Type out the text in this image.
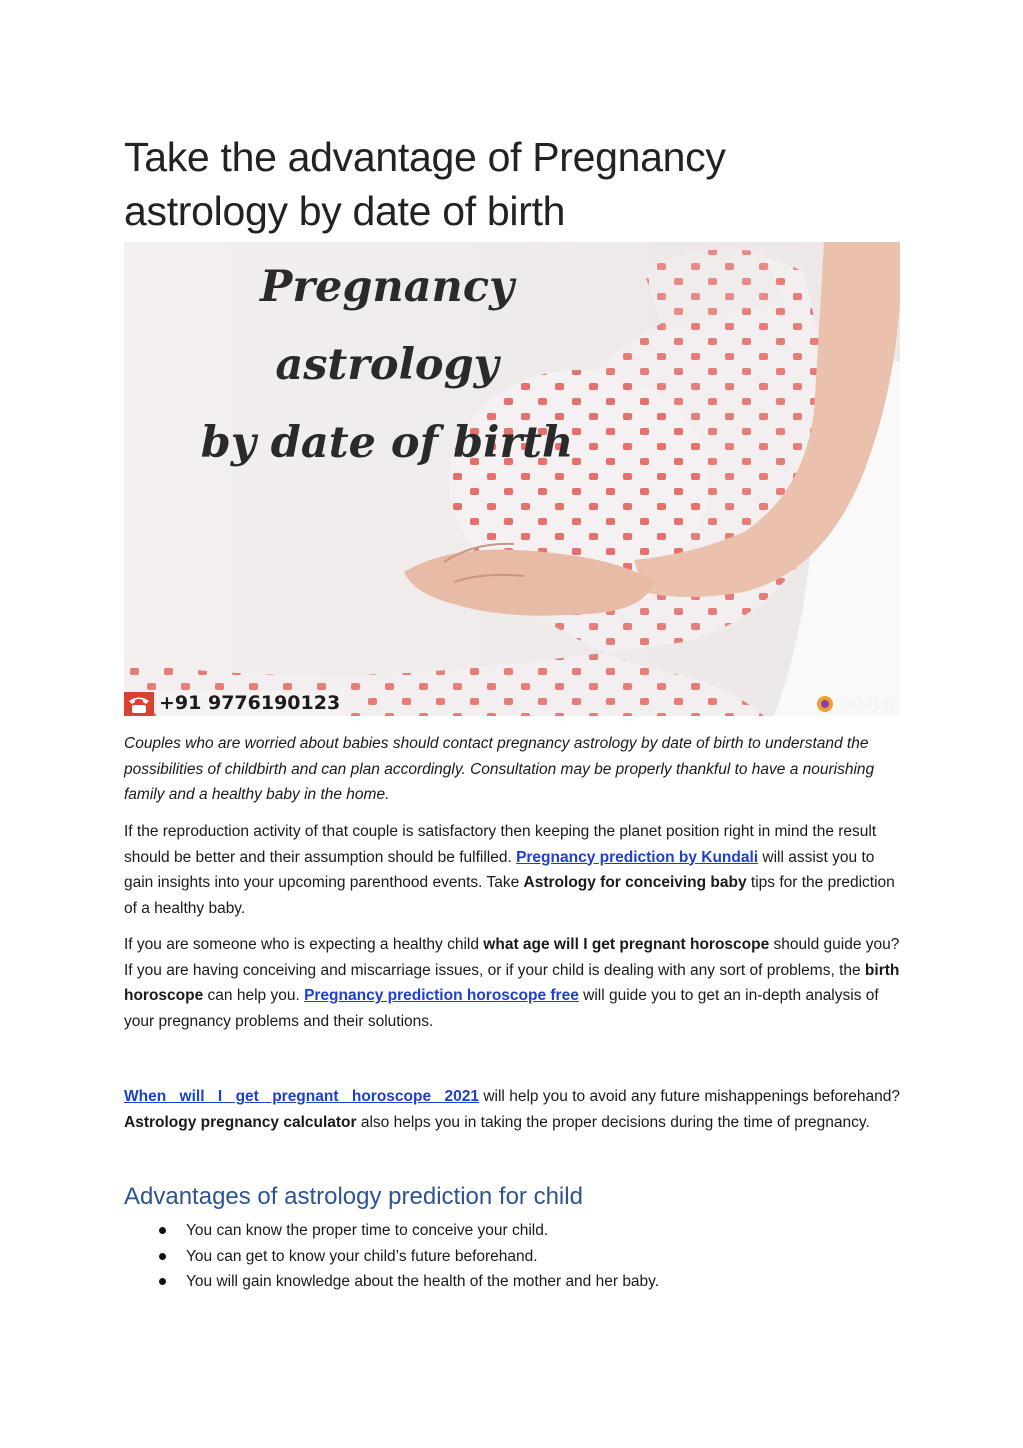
Take the advantage of Pregnancy astrology by date of birth
Pregnancy astrology
by date of birth
+91 9776190123	Tabij.in

Couples who are worried about babies should contact pregnancy astrology by date of birth to understand the possibilities of childbirth and can plan accordingly. Consultation may be properly thankful to have a nourishing family and a healthy baby in the home.

If the reproduction activity of that couple is satisfactory then keeping the planet position right in mind the result should be better and their assumption should be fulfilled. Pregnancy prediction by Kundali will assist you to gain insights into your upcoming parenthood events. Take Astrology for conceiving baby tips for the prediction of a healthy baby.

If you are someone who is expecting a healthy child what age will I get pregnant horoscope should guide you? If you are having conceiving and miscarriage issues, or if your child is dealing with any sort of problems, the birth horoscope can help you. Pregnancy prediction horoscope free will guide you to get an in-depth analysis of your pregnancy problems and their solutions.

When will I get pregnant horoscope 2021 will help you to avoid any future mishappenings beforehand? Astrology pregnancy calculator also helps you in taking the proper decisions during the time of pregnancy.

Advantages of astrology prediction for child
You can know the proper time to conceive your child.
You can get to know your child’s future beforehand.
You will gain knowledge about the health of the mother and her baby.
